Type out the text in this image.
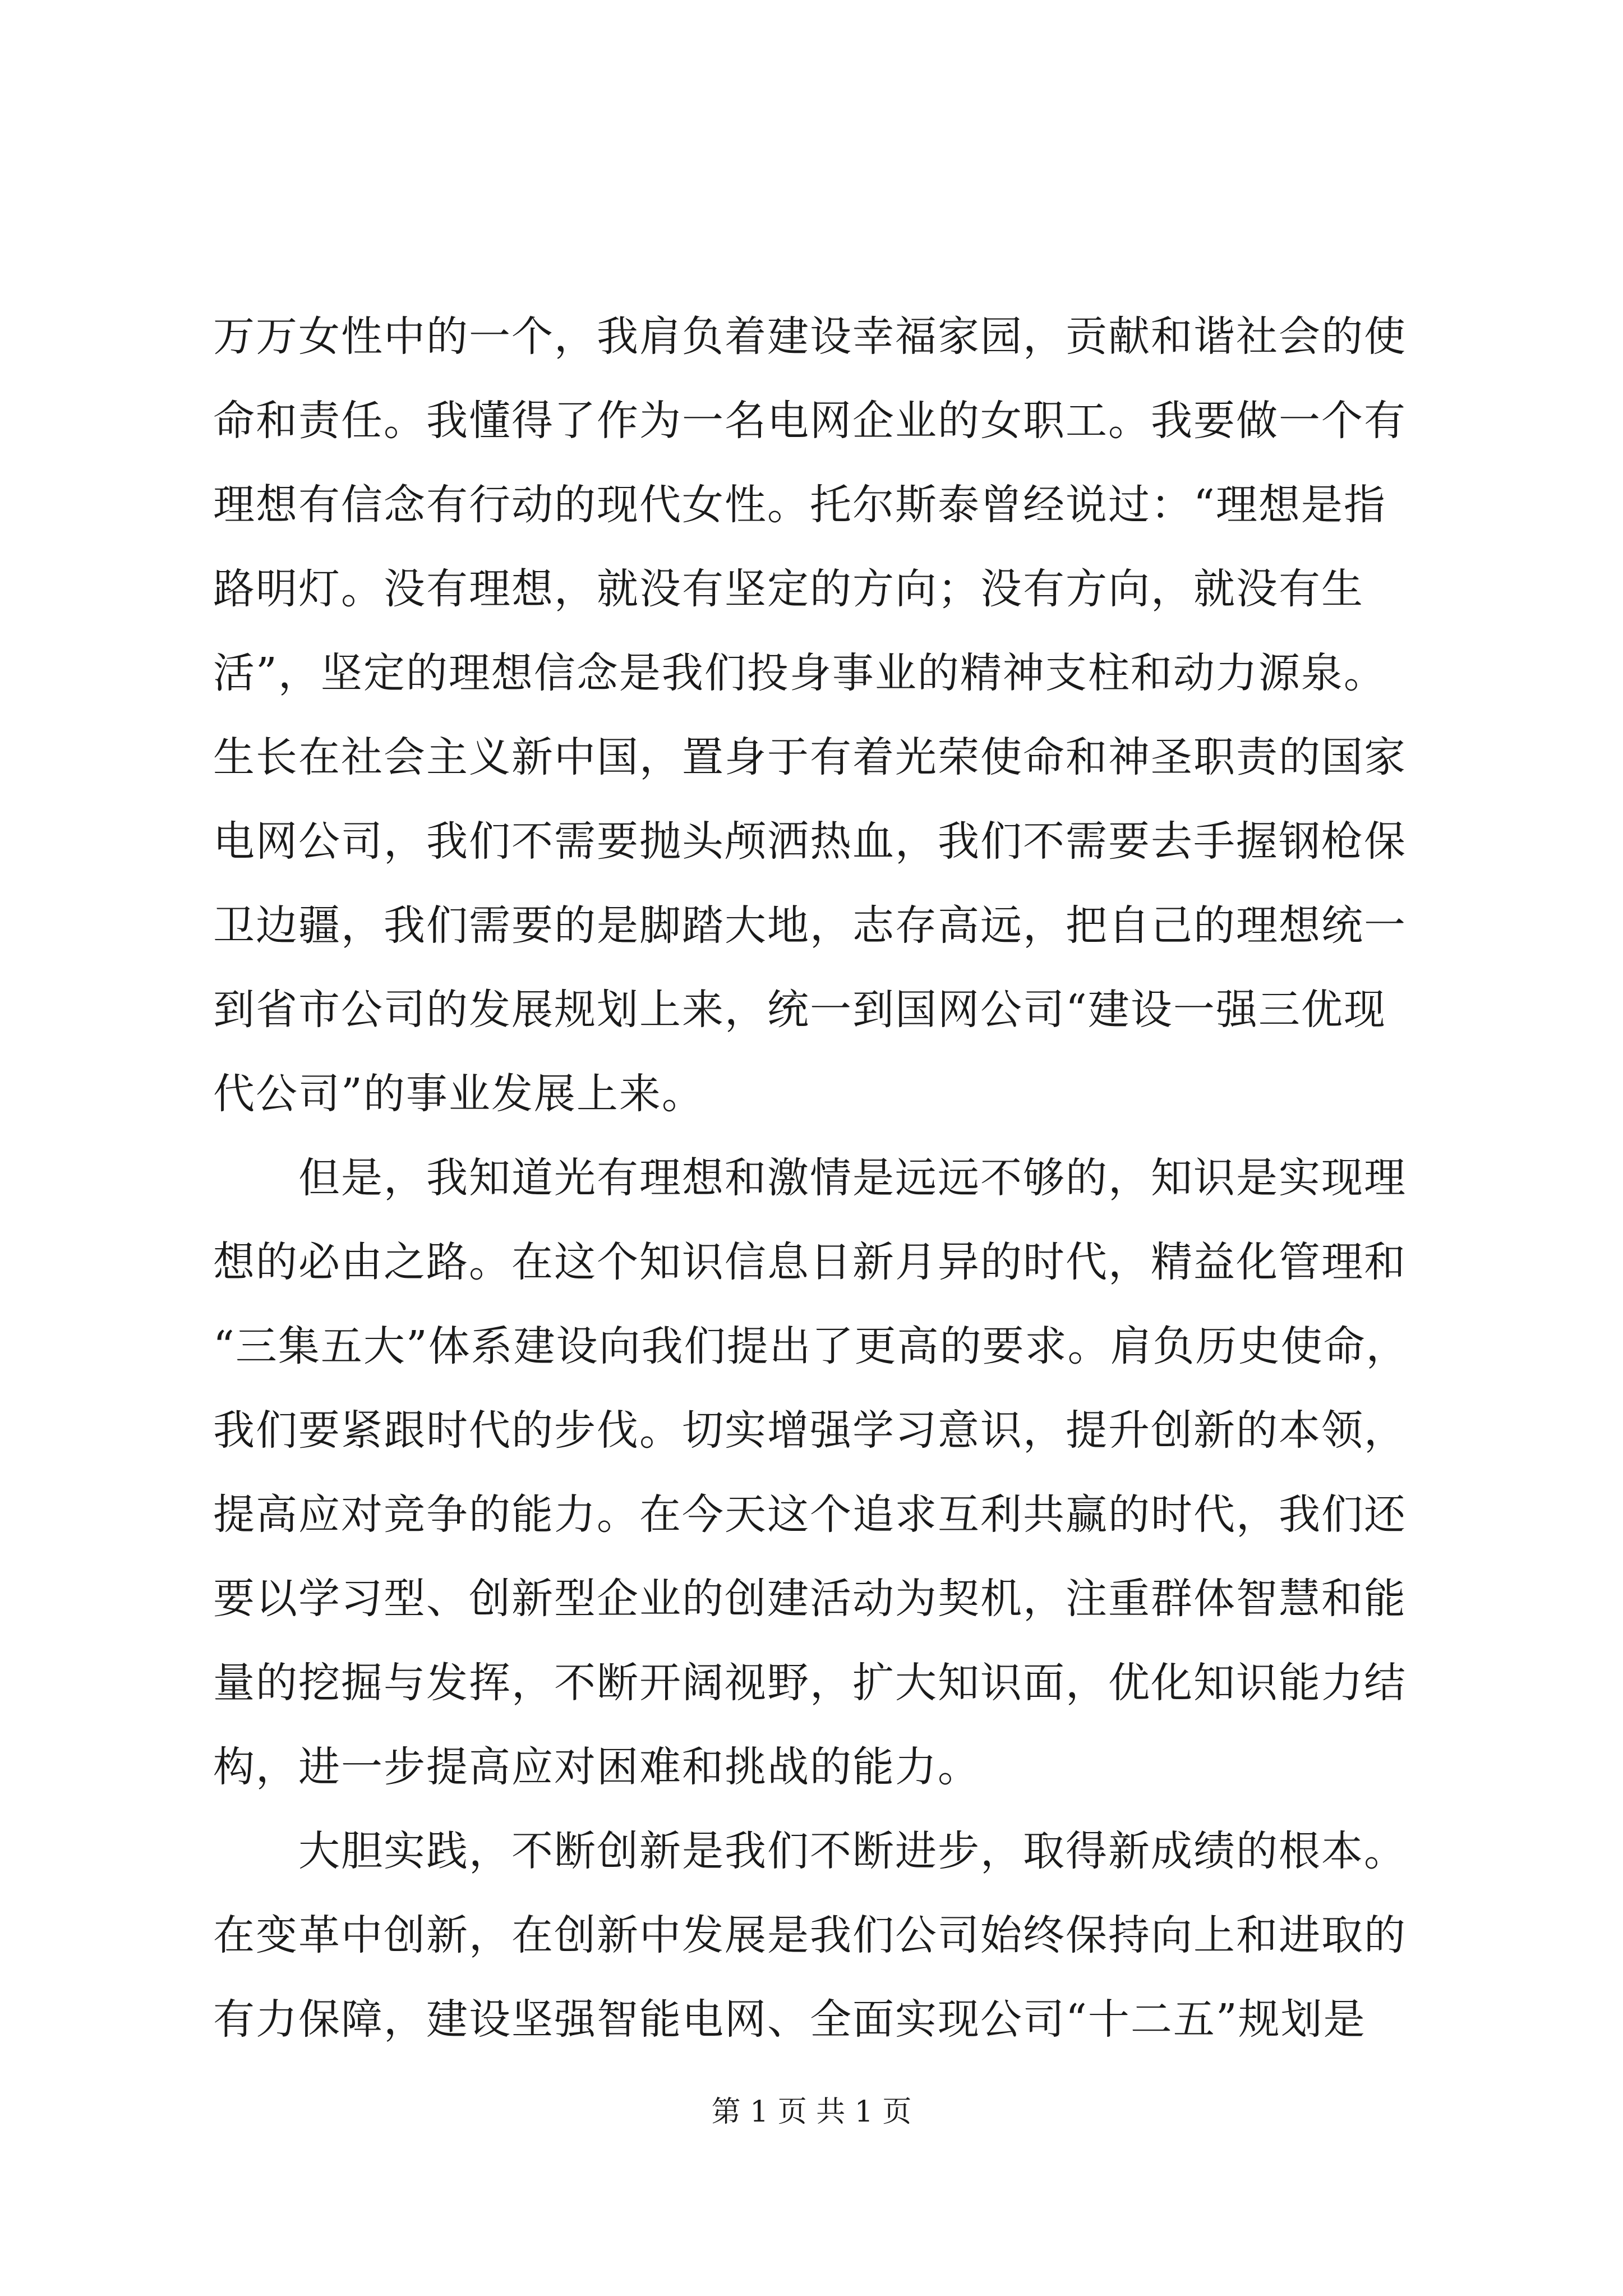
万万女性中的一个，我肩负着建设幸福家园，贡献和谐社会的使
命和责任。我懂得了作为一名电网企业的女职工。我要做一个有
理想有信念有行动的现代女性。托尔斯泰曾经说过：“理想是指
路明灯。没有理想，就没有坚定的方向；没有方向，就没有生
活”，坚定的理想信念是我们投身事业的精神支柱和动力源泉。
生长在社会主义新中国，置身于有着光荣使命和神圣职责的国家
电网公司，我们不需要抛头颅洒热血，我们不需要去手握钢枪保
卫边疆，我们需要的是脚踏大地，志存高远，把自己的理想统一
到省市公司的发展规划上来，统一到国网公司“建设一强三优现
代公司”的事业发展上来。
　　但是，我知道光有理想和激情是远远不够的，知识是实现理
想的必由之路。在这个知识信息日新月异的时代，精益化管理和
“三集五大”体系建设向我们提出了更高的要求。肩负历史使命，
我们要紧跟时代的步伐。切实增强学习意识，提升创新的本领，
提高应对竞争的能力。在今天这个追求互利共赢的时代，我们还
要以学习型、创新型企业的创建活动为契机，注重群体智慧和能
量的挖掘与发挥，不断开阔视野，扩大知识面，优化知识能力结
构，进一步提高应对困难和挑战的能力。
　　大胆实践，不断创新是我们不断进步，取得新成绩的根本。
在变革中创新，在创新中发展是我们公司始终保持向上和进取的
有力保障，建设坚强智能电网、全面实现公司“十二五”规划是
第 1 页 共 1 页
